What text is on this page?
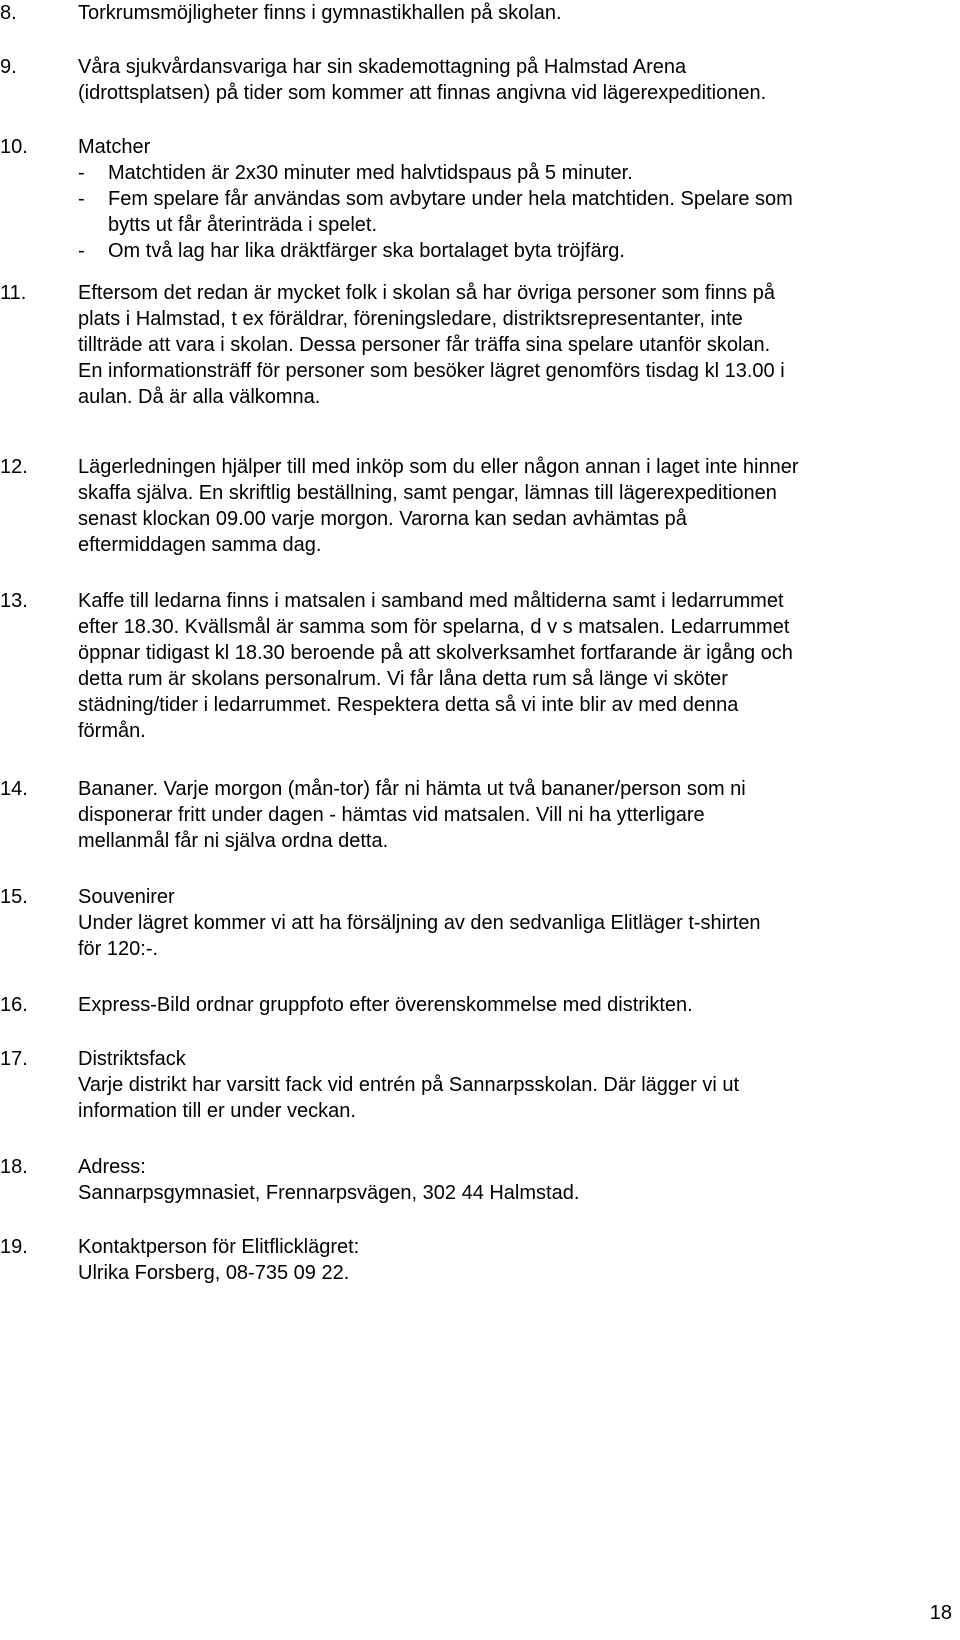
8.	Torkrumsmöjligheter finns i gymnastikhallen på skolan.
9.	Våra sjukvårdansvariga har sin skademottagning på Halmstad Arena
(idrottsplatsen) på tider som kommer att finnas angivna vid lägerexpeditionen.
10.	Matcher
- Matchtiden är 2x30 minuter med halvtidspaus på 5 minuter.
- Fem spelare får användas som avbytare under hela matchtiden. Spelare som
bytts ut får återinträda i spelet.
- Om två lag har lika dräktfärger ska bortalaget byta tröjfärg.
11.	Eftersom det redan är mycket folk i skolan så har övriga personer som finns på
plats i Halmstad, t ex föräldrar, föreningsledare, distriktsrepresentanter, inte
tillträde att vara i skolan. Dessa personer får träffa sina spelare utanför skolan.
En informationsträff för personer som besöker lägret genomförs tisdag kl 13.00 i
aulan. Då är alla välkomna.
12.	Lägerledningen hjälper till med inköp som du eller någon annan i laget inte hinner
skaffa själva. En skriftlig beställning, samt pengar, lämnas till lägerexpeditionen
senast klockan 09.00 varje morgon. Varorna kan sedan avhämtas på
eftermiddagen samma dag.
13.	Kaffe till ledarna finns i matsalen i samband med måltiderna samt i ledarrummet
efter 18.30. Kvällsmål är samma som för spelarna, d v s matsalen. Ledarrummet
öppnar tidigast kl 18.30 beroende på att skolverksamhet fortfarande är igång och
detta rum är skolans personalrum. Vi får låna detta rum så länge vi sköter
städning/tider i ledarrummet. Respektera detta så vi inte blir av med denna
förmån.
14.	Bananer. Varje morgon (mån-tor) får ni hämta ut två bananer/person som ni
disponerar fritt under dagen - hämtas vid matsalen. Vill ni ha ytterligare
mellanmål får ni själva ordna detta.
15.	Souvenirer
Under lägret kommer vi att ha försäljning av den sedvanliga Elitläger t-shirten
för 120:-.
16.	Express-Bild ordnar gruppfoto efter överenskommelse med distrikten.
17.	Distriktsfack
Varje distrikt har varsitt fack vid entrén på Sannarpsskolan. Där lägger vi ut
information till er under veckan.
18.	Adress:
Sannarpsgymnasiet, Frennarpsvägen, 302 44 Halmstad.
19.	Kontaktperson för Elitflicklägret:
Ulrika Forsberg, 08-735 09 22.
18
